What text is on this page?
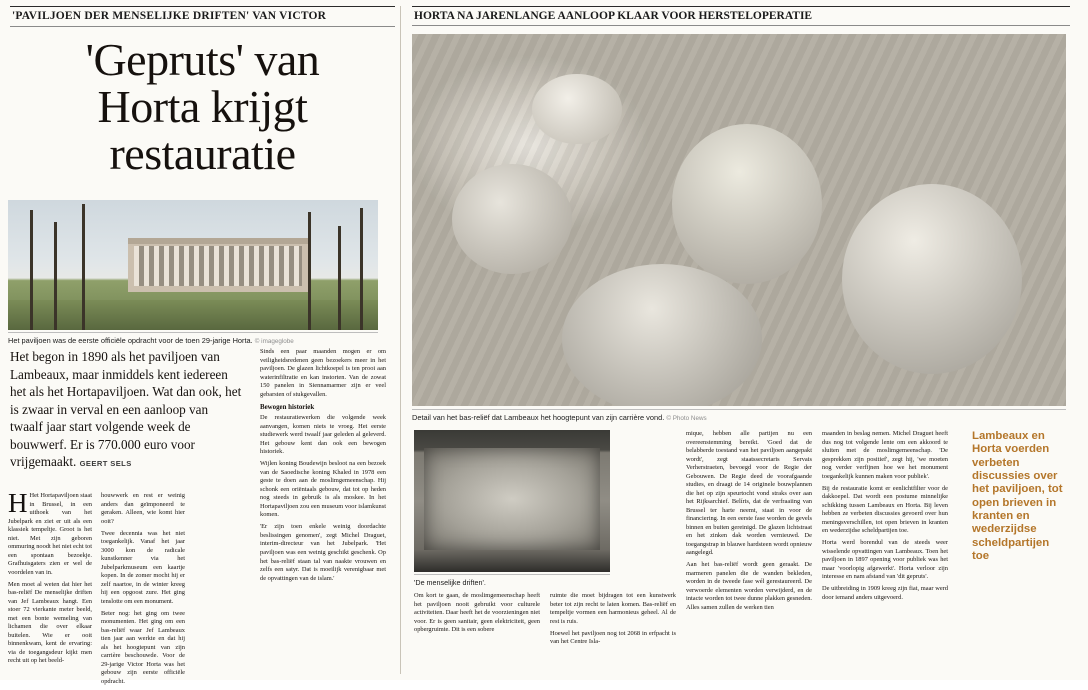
'PAVILJOEN DER MENSELIJKE DRIFTEN' VAN VICTOR
'Gepruts' van
Horta krijgt
restauratie
Het paviljoen was de eerste officiële opdracht voor de toen 29-jarige Horta. © imageglobe
Het begon in 1890 als het paviljoen van Lambeaux, maar inmiddels kent iedereen het als het Hortapaviljoen. Wat dan ook, het is zwaar in verval en een aanloop van twaalf jaar start volgende week de bouwwerf. Er is 770.000 euro voor vrijgemaakt. GEERT SELS

Sinds een paar maanden mogen er om veiligheidsredenen geen bezoekers meer in het paviljoen. De glazen lichtkoepel is ten prooi aan waterinfiltratie en kan instorten. Van de zowat 150 panelen in Siennamarmer zijn er veel gebarsten of stukgevallen.

Bewogen historiek

De restauratiewerken die volgende week aanvangen, komen niets te vroeg. Het eerste studiewerk werd twaalf jaar geleden al geleverd. Het gebouw kent dan ook een bewogen historiek.

Wijlen koning Boudewijn besloot na een bezoek van de Saoedische koning Khaled in 1978 een geste te doen aan de moslimgemeenschap. Hij schonk een oriëntaals gebouw, dat tot op heden nog steeds in gebruik is als moskee. In het Hortapaviljoen zou een museum voor islamkunst komen.

'Er zijn toen enkele weinig doordachte beslissingen genomen', zegt Michel Draguet, interim-directeur van het Jubelpark. 'Het paviljoen was een weinig geschikt geschenk. Op het bas-reliëf staan tal van naakte vrouwen en zelfs een satyr. Dat is moeilijk verenigbaar met de opvattingen van de islam.'

H Het Hortapaviljoen staat in Brussel, in een uithoek van het Jubelpark en ziet er uit als een klassiek tempeltje. Groot is het niet. Met zijn geboren ommuring noodt het niet echt tot een spontaan bezoekje. Grafhuisgaters zien er wel de voordelen van in.

Men moet al weten dat hier het bas-reliëf De menselijke driften van Jef Lambeaux hangt. Een stoer 72 vierkante meter beeld, met een bonte wemeling van lichamen die over elkaar buitelen. Wie er ooit binnenkwam, kent de ervaring: via de toegangsdeur kijkt men recht uit op het beeld-

houwwerk en rest er weinig anders dan geïmponeerd te geraken. Alleen, wie komt hier ooit?

Twee decennia was het niet toegankelijk. Vanaf het jaar 3000 kon de radicale kunstkenner via het Jubelparkmuseum een kaartje kopen. In de zomer mocht hij er zelf naartoe, in de winter kreeg hij een opgoost zure. Het ging tenslotte om een monument.

Beter nog: het ging om twee monumenten. Het ging om een bas-reliëf waar Jef Lambeaux tien jaar aan werkte en dat hij als het hoogtepunt van zijn carrière beschouwde. Voor de 29-jarige Victor Horta was het gebouw zijn eerste officiële opdracht.

HORTA NA JARENLANGE AANLOOP KLAAR VOOR HERSTELOPERATIE
Detail van het bas-reliëf dat Lambeaux het hoogtepunt van zijn carrière vond. © Photo News
'De menselijke driften'.

Om kort te gaan, de moslimgemeenschap heeft het paviljoen nooit gebruikt voor culturele activiteiten. Daar heeft het de voorzieningen niet voor. Er is geen sanitair, geen elektriciteit, geen opbergruimte. Dit is een sobere

ruimte die moet bijdragen tot een kunstwerk beter tot zijn recht te laten komen. Bas-reliëf en tempeltje vormen een harmonieus geheel. Al de rest is ruis.

Hoewel het paviljoen nog tot 2068 in erfpacht is van het Centre Isla-

mique, hebben alle partijen nu een overeenstemming bereikt. 'Goed dat de belabberde toestand van het paviljoen aangepakt wordt', zegt staatssecretaris Servais Verherstraeten, bevoegd voor de Regie der Gebouwen. De Regie deed de voorafgaande studies, en draagt de 14 originele bouwplannen die het op zijn speurtocht vond straks over aan het Rijksarchief. Belíris, dat de verfraaiing van Brussel ter harte neemt, staat in voor de financiering. In een eerste fase worden de gevels binnen en buiten gereinigd. De glazen lichtstraat en het zinken dak worden vernieuwd. De toegangstrap in blauwe hardsteen wordt opnieuw aangelegd.

Aan het bas-reliëf wordt geen geraakt. De marmeren panelen die de wanden bekleden, worden in de tweede fase wél gerestaureerd. De verwoerde elementen worden verwijderd, en de intacte worden tot twee dunne plakken gesneden. Alles samen zullen de werken tien

maanden in beslag nemen. Michel Draguet heeft dus nog tot volgende lente om een akkoord te sluiten met de moslimgemeenschap. 'De gesprekken zijn positief', zegt hij, 'we moeten nog verder verfijnen hoe we het monument toegankelijk kunnen maken voor publiek'.

Bij de restauratie komt er eenlichtfilter voor de dakkoepel. Dat wordt een postume minnelijke schikking tussen Lambeaux en Horta. Bij leven hebben ze verbeten discussies gevoerd over hun meningsverschillen, tot open brieven in kranten en wederzijdse scheldpartijen toe.

Horta werd borendul van de steeds weer wisselende opvattingen van Lambeaux. Toen het paviljoen in 1897 opening voor publiek was het maar 'voorlopig afgewerkt'. Horta verloor zijn interesse en nam afstand van 'dit gepruts'.

De uitbreiding in 1909 kreeg zijn fiat, maar werd door iemand anders uitgevoerd.

Lambeaux en Horta voerden verbeten discussies over het paviljoen, tot open brieven in kranten en wederzijdse scheldpartijen toe
